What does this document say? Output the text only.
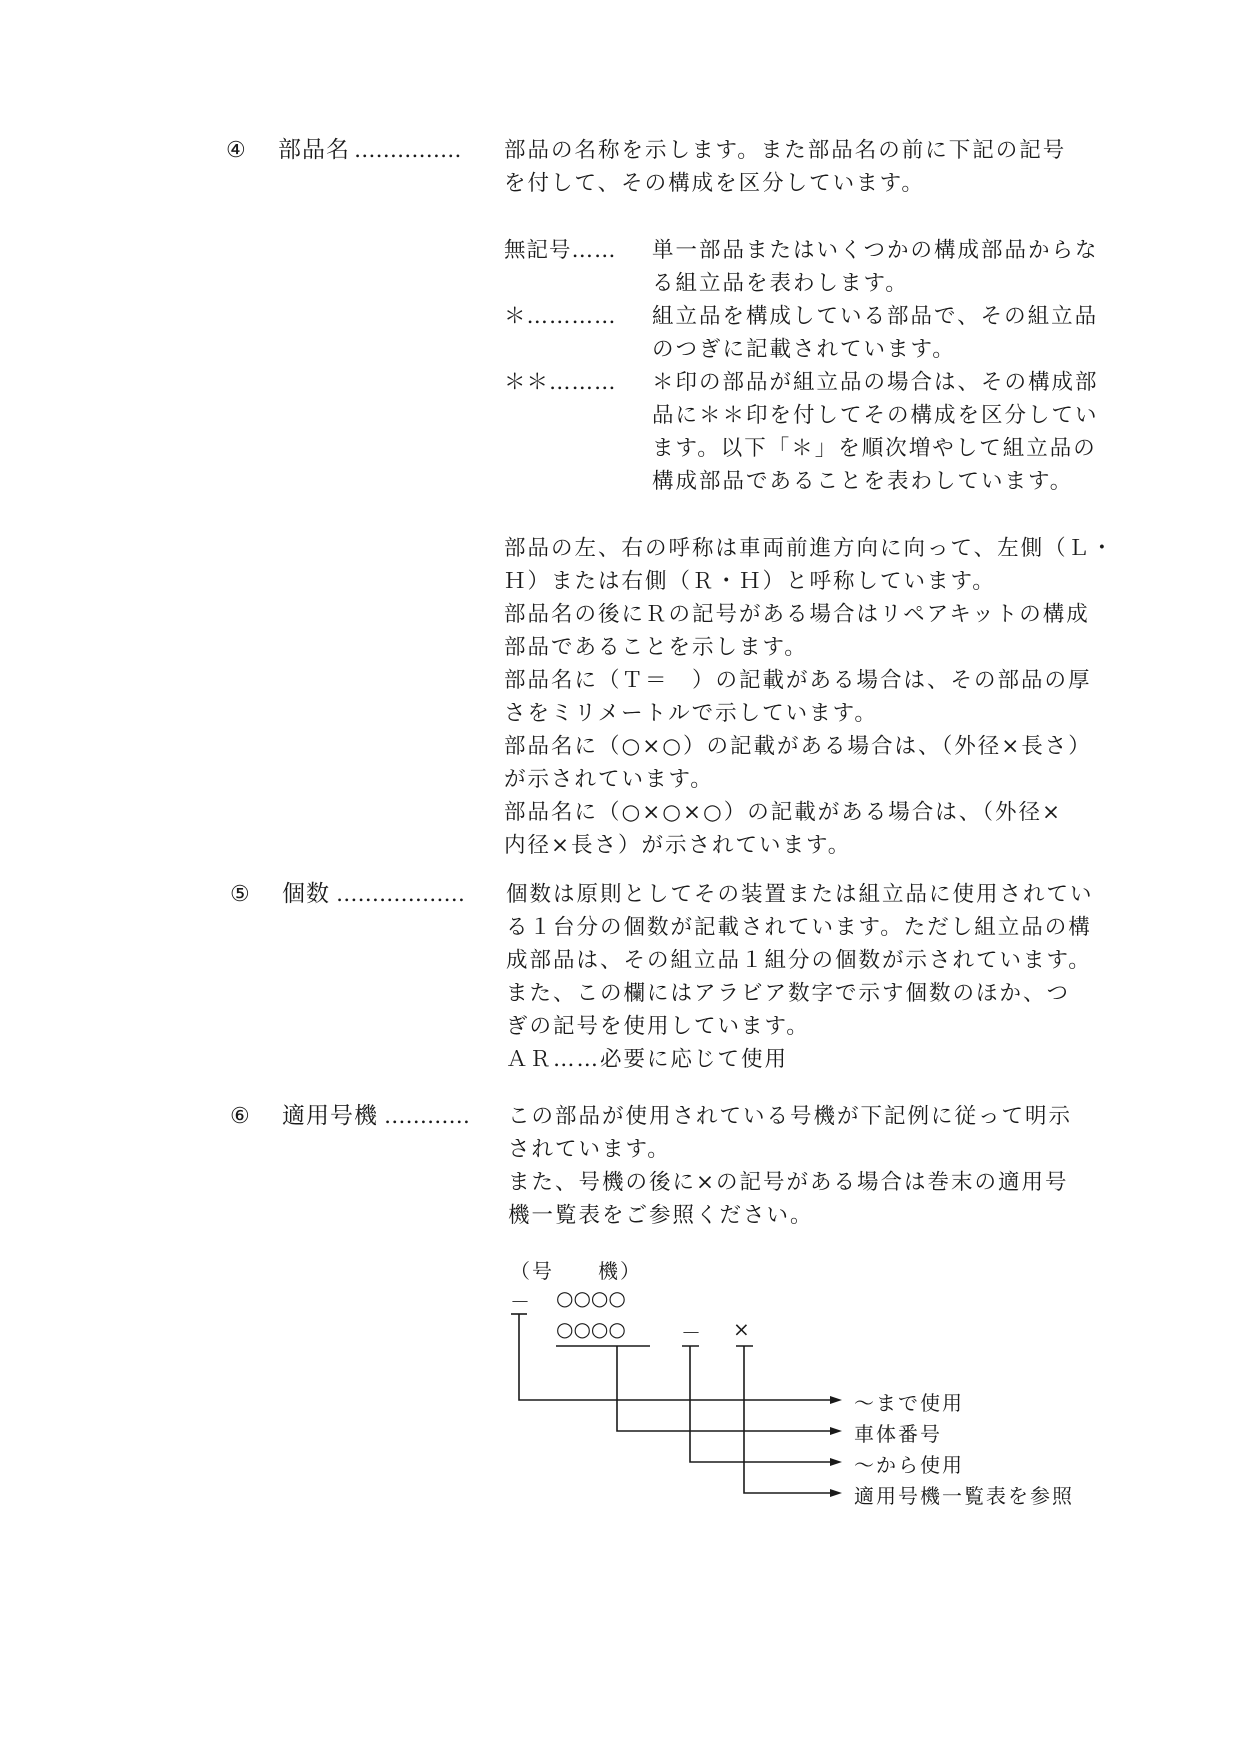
④ 部品名 …………… 部品の名称を示します。また部品名の前に下記の記号
を付して、その構成を区分しています。
無記号…… 単一部品またはいくつかの構成部品からな
る組立品を表わします。
＊………… 組立品を構成している部品で、その組立品
のつぎに記載されています。
＊＊……… ＊印の部品が組立品の場合は、その構成部
品に＊＊印を付してその構成を区分してい
ます。以下「＊」を順次増やして組立品の
構成部品であることを表わしています。
部品の左、右の呼称は車両前進方向に向って、左側（Ｌ・
Ｈ）または右側（Ｒ・Ｈ）と呼称しています。
部品名の後にＲの記号がある場合はリペアキットの構成
部品であることを示します。
部品名に（Ｔ＝　）の記載がある場合は、その部品の厚
さをミリメートルで示しています。
部品名に（○×○）の記載がある場合は、（外径×長さ）
が示されています。
部品名に（○×○×○）の記載がある場合は、（外径×
内径×長さ）が示されています。
⑤ 個数 ……………… 個数は原則としてその装置または組立品に使用されてい
る１台分の個数が記載されています。ただし組立品の構
成部品は、その組立品１組分の個数が示されています。
また、この欄にはアラビア数字で示す個数のほか、つ
ぎの記号を使用しています。
ＡＲ……必要に応じて使用
⑥ 適用号機 ………… この部品が使用されている号機が下記例に従って明示
されています。
また、号機の後に×の記号がある場合は巻末の適用号
機一覧表をご参照ください。
（号　　機）
－ ○○○○
○○○○	－ ×
～まで使用
車体番号
～から使用
適用号機一覧表を参照
